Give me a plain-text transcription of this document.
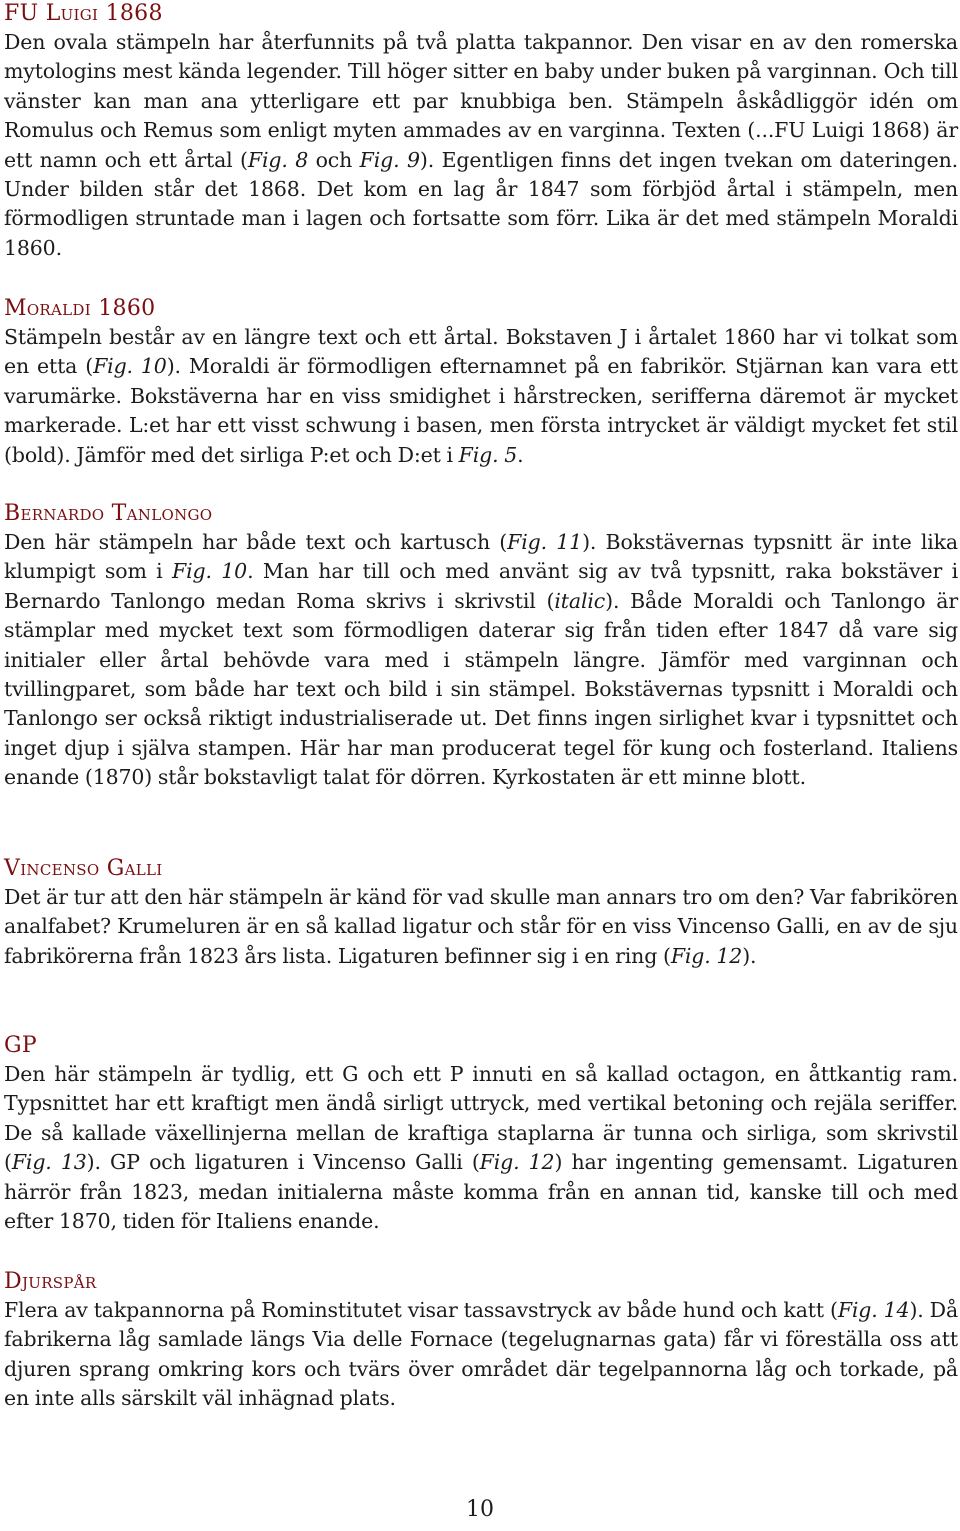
FU Luigi 1868

Den ovala stämpeln har återfunnits på två platta takpannor. Den visar en av den romerska mytologins mest kända legender. Till höger sitter en baby under buken på varginnan. Och till vänster kan man ana ytterligare ett par knubbiga ben. Stämpeln åskådliggör idén om Romulus och Remus som enligt myten ammades av en varginna. Texten (...FU Luigi 1868) är ett namn och ett årtal (Fig. 8 och Fig. 9). Egentligen finns det ingen tvekan om dateringen. Under bilden står det 1868. Det kom en lag år 1847 som förbjöd årtal i stämpeln, men förmodligen struntade man i lagen och fortsatte som förr. Lika är det med stämpeln Moraldi 1860.

Moraldi 1860

Stämpeln består av en längre text och ett årtal. Bokstaven J i årtalet 1860 har vi tolkat som en etta (Fig. 10). Moraldi är förmodligen efternamnet på en fabrikör. Stjärnan kan vara ett varumärke. Bokstäverna har en viss smidighet i hårstrecken, serifferna däremot är mycket markerade. L:et har ett visst schwung i basen, men första intrycket är väldigt mycket fet stil (bold). Jämför med det sirliga P:et och D:et i Fig. 5.

Bernardo Tanlongo

Den här stämpeln har både text och kartusch (Fig. 11). Bokstävernas typsnitt är inte lika klumpigt som i Fig. 10. Man har till och med använt sig av två typsnitt, raka bokstäver i Bernardo Tanlongo medan Roma skrivs i skrivstil (italic). Både Moraldi och Tanlongo är stämplar med mycket text som förmodligen daterar sig från tiden efter 1847 då vare sig initialer eller årtal behövde vara med i stämpeln längre. Jämför med varginnan och tvillingparet, som både har text och bild i sin stämpel. Bokstävernas typsnitt i Moraldi och Tanlongo ser också riktigt industrialiserade ut. Det finns ingen sirlighet kvar i typsnittet och inget djup i själva stampen. Här har man producerat tegel för kung och fosterland. Italiens enande (1870) står bokstavligt talat för dörren. Kyrkostaten är ett minne blott.

Vincenso Galli

Det är tur att den här stämpeln är känd för vad skulle man annars tro om den? Var fabrikören analfabet? Krumeluren är en så kallad ligatur och står för en viss Vincenso Galli, en av de sju fabrikörerna från 1823 års lista. Ligaturen befinner sig i en ring (Fig. 12).

GP

Den här stämpeln är tydlig, ett G och ett P innuti en så kallad octagon, en åttkantig ram. Typsnittet har ett kraftigt men ändå sirligt uttryck, med vertikal betoning och rejäla seriffer. De så kallade växellinjerna mellan de kraftiga staplarna är tunna och sirliga, som skrivstil (Fig. 13). GP och ligaturen i Vincenso Galli (Fig. 12) har ingenting gemensamt. Ligaturen härrör från 1823, medan initialerna måste komma från en annan tid, kanske till och med efter 1870, tiden för Italiens enande.

Djurspår

Flera av takpannorna på Rominstitutet visar tassavstryck av både hund och katt (Fig. 14). Då fabrikerna låg samlade längs Via delle Fornace (tegelugnarnas gata) får vi föreställa oss att djuren sprang omkring kors och tvärs över området där tegelpannorna låg och torkade, på en inte alls särskilt väl inhägnad plats.

10
